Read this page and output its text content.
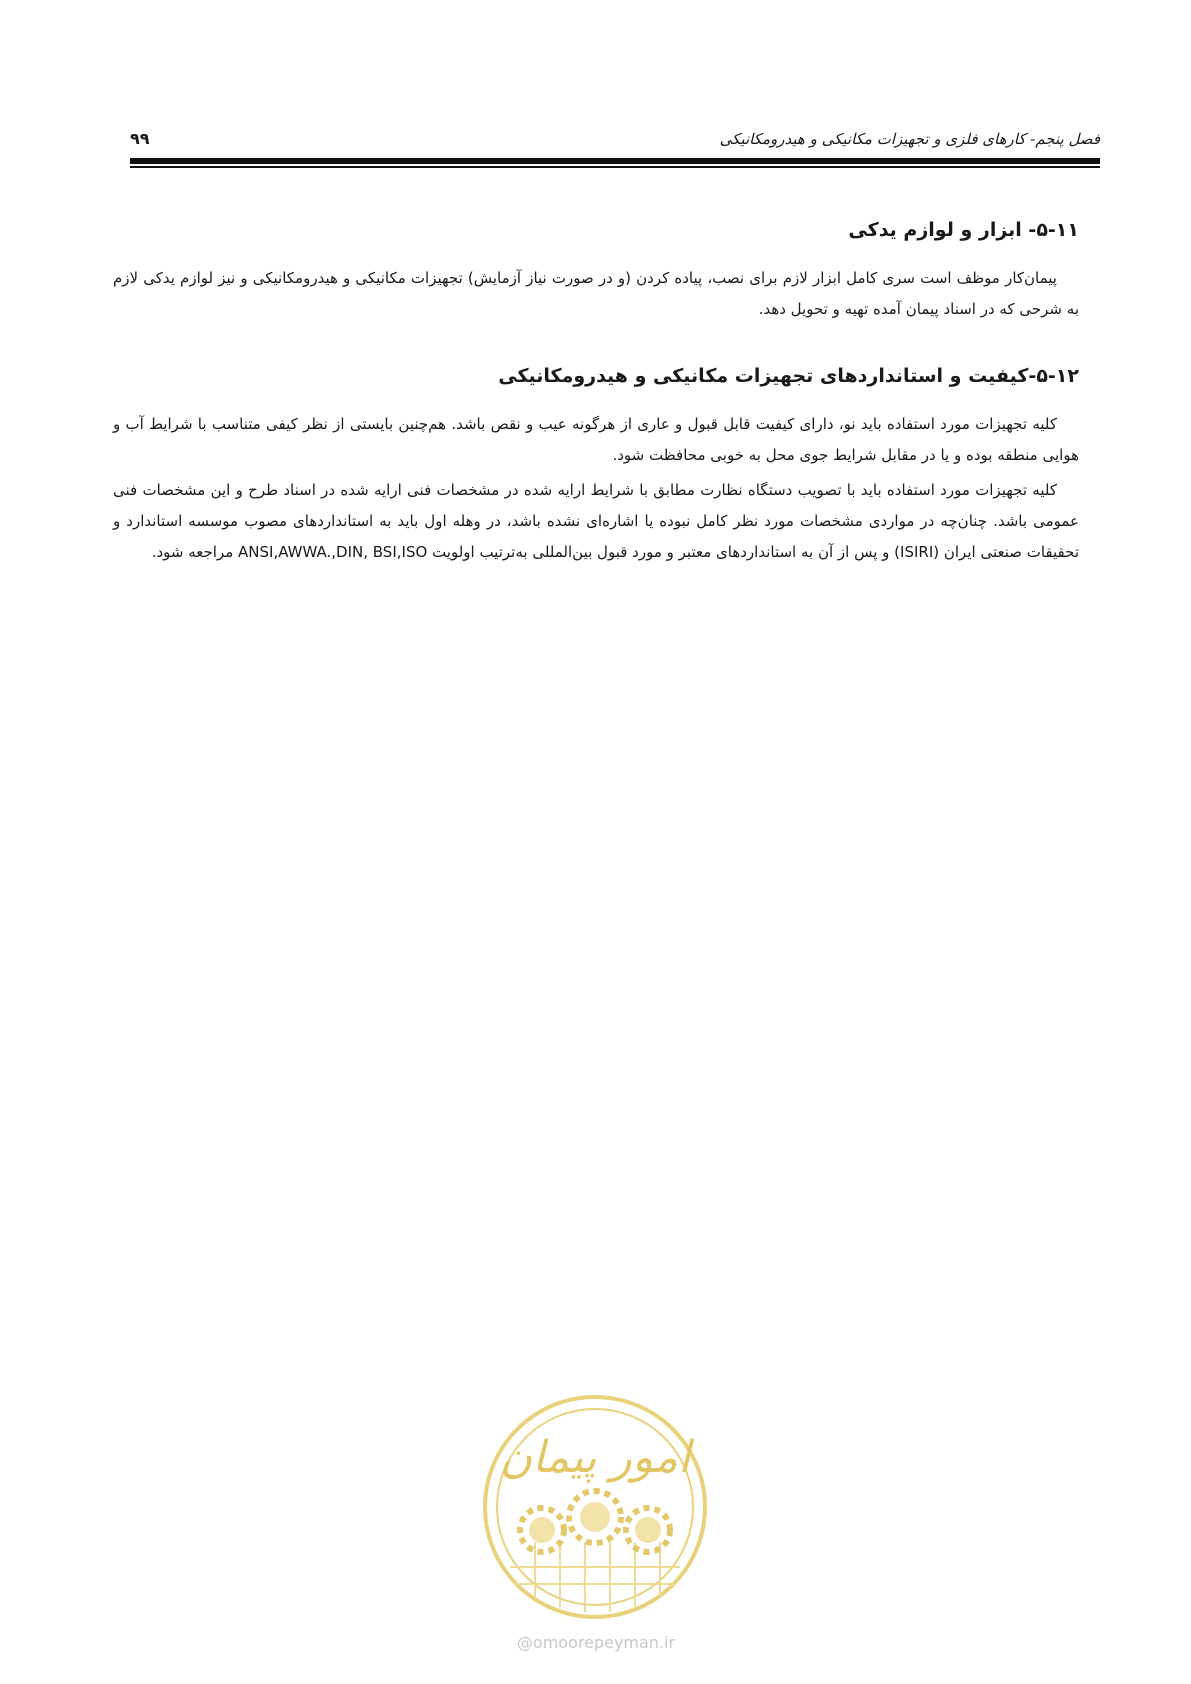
فصل پنجم- کارهای فلزی و تجهیزات مکانیکی و هیدرومکانیکی
۹۹
۵-۱۱- ابزار و لوازم یدکی

پیمان‌کار موظف است سری کامل ابزار لازم برای نصب، پیاده کردن (و در صورت نیاز آزمایش) تجهیزات مکانیکی و هیدرومکانیکی و نیز لوازم یدکی لازم به شرحی که در اسناد پیمان آمده تهیه و تحویل دهد.

۵-۱۲-کیفیت و استانداردهای تجهیزات مکانیکی و هیدرومکانیکی

کلیه تجهیزات مورد استفاده باید نو، دارای کیفیت قابل قبول و عاری از هرگونه عیب و نقص باشد. هم‌چنین بایستی از نظر کیفی متناسب با شرایط آب و هوایی منطقه بوده و یا در مقابل شرایط جوی محل به خوبی محافظت شود.

کلیه تجهیزات مورد استفاده باید با تصویب دستگاه نظارت مطابق با شرایط ارایه شده در مشخصات فنی ارایه شده در اسناد طرح و این مشخصات فنی عمومی باشد. چنان‌چه در مواردی مشخصات مورد نظر کامل نبوده یا اشاره‌ای نشده باشد، در وهله اول باید به استانداردهای مصوب موسسه استاندارد و تحقیقات صنعتی ایران (ISIRI) و پس از آن به استانداردهای معتبر و مورد قبول بین‌المللی به‌ترتیب اولویت ANSI,AWWA.,DIN, BSI,ISO مراجعه شود.

امور پیمان
@omoorepeyman.ir
